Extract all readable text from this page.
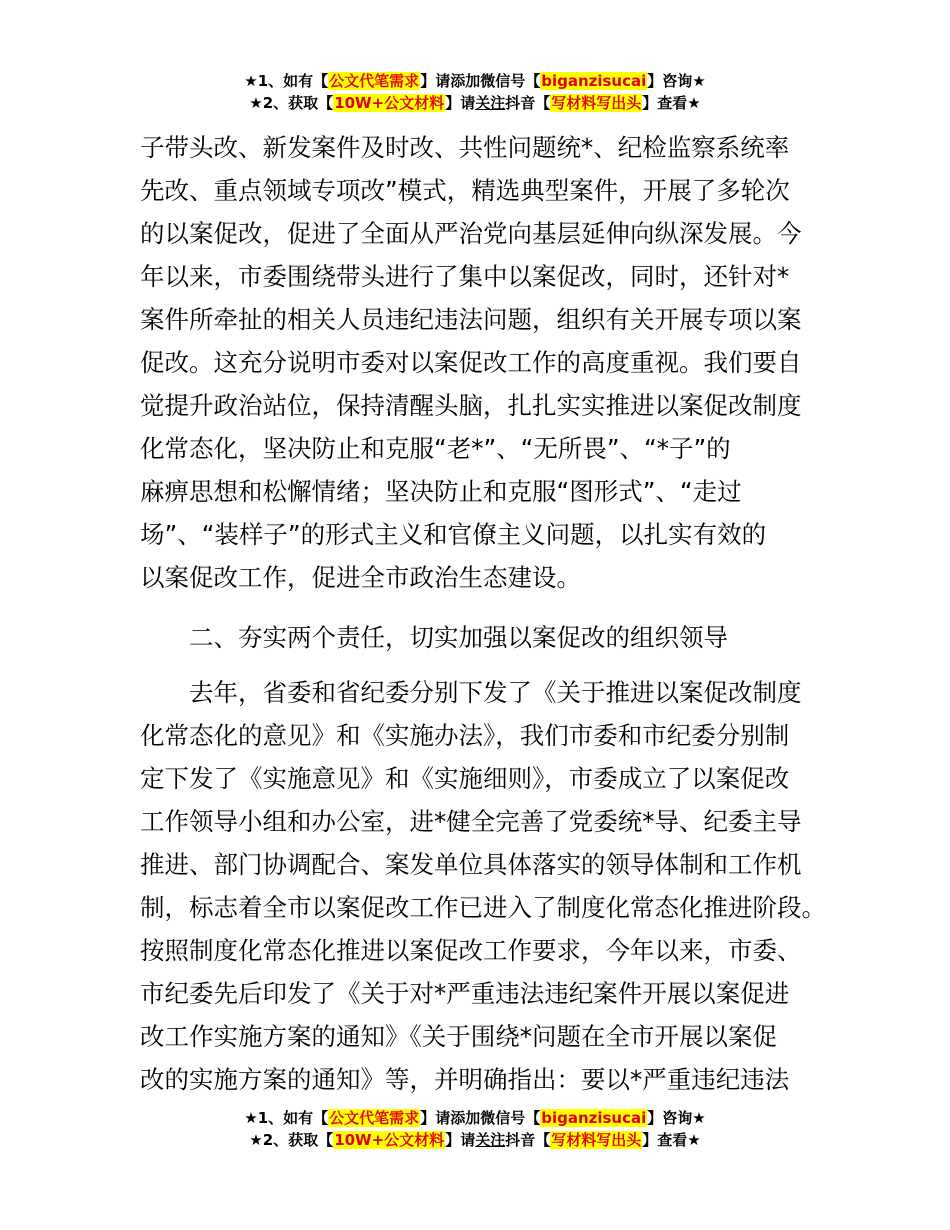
★1、如有【公文代笔需求】请添加微信号【biganzisucai】咨询★
★2、获取【10W+公文材料】请关注抖音【写材料写出头】查看★

子带头改、新发案件及时改、共性问题统*、纪检监察系统率
先改、重点领域专项改”模式，精选典型案件，开展了多轮次
的以案促改，促进了全面从严治党向基层延伸向纵深发展。今
年以来，市委围绕带头进行了集中以案促改，同时，还针对*
案件所牵扯的相关人员违纪违法问题，组织有关开展专项以案
促改。这充分说明市委对以案促改工作的高度重视。我们要自
觉提升政治站位，保持清醒头脑，扎扎实实推进以案促改制度
化常态化，坚决防止和克服“老*”、“无所畏”、“*子”的
麻痹思想和松懈情绪；坚决防止和克服“图形式”、“走过
场”、“装样子”的形式主义和官僚主义问题，以扎实有效的
以案促改工作，促进全市政治生态建设。

二、夯实两个责任，切实加强以案促改的组织领导

去年，省委和省纪委分别下发了《关于推进以案促改制度
化常态化的意见》和《实施办法》，我们市委和市纪委分别制
定下发了《实施意见》和《实施细则》，市委成立了以案促改
工作领导小组和办公室，进*健全完善了党委统*导、纪委主导
推进、部门协调配合、案发单位具体落实的领导体制和工作机
制，标志着全市以案促改工作已进入了制度化常态化推进阶段。
按照制度化常态化推进以案促改工作要求，今年以来，市委、
市纪委先后印发了《关于对*严重违法违纪案件开展以案促进
改工作实施方案的通知》《关于围绕*问题在全市开展以案促
改的实施方案的通知》等，并明确指出：要以*严重违纪违法

★1、如有【公文代笔需求】请添加微信号【biganzisucai】咨询★
★2、获取【10W+公文材料】请关注抖音【写材料写出头】查看★
